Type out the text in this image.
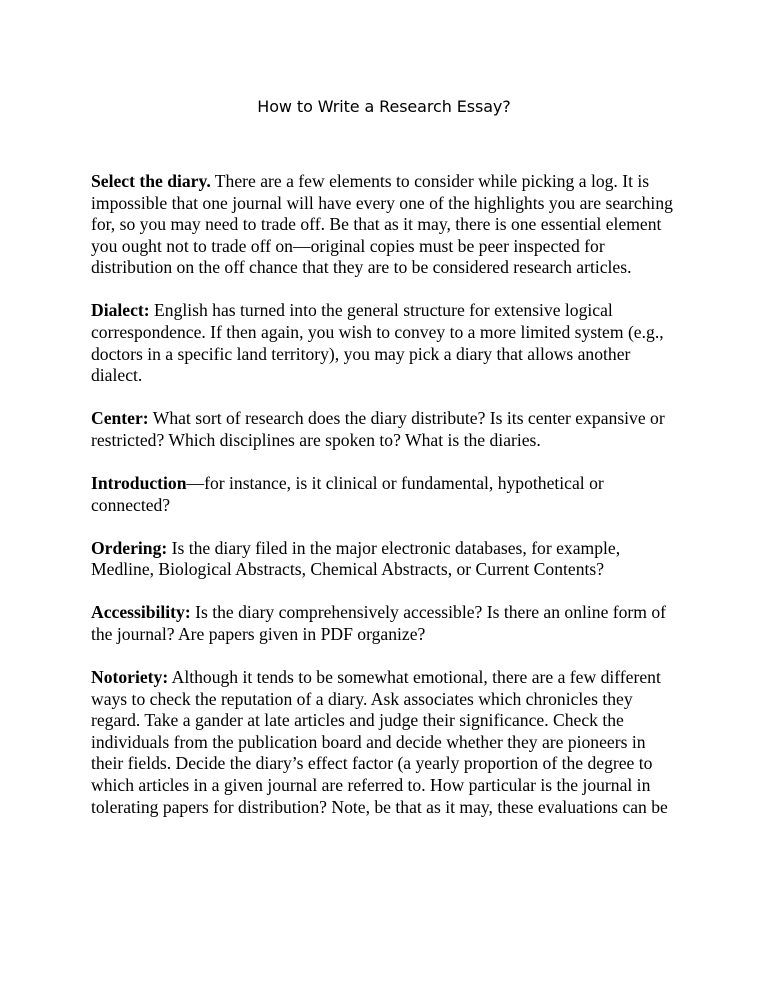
How to Write a Research Essay?

Select the diary. There are a few elements to consider while picking a log. It is impossible that one journal will have every one of the highlights you are searching for, so you may need to trade off. Be that as it may, there is one essential element you ought not to trade off on—original copies must be peer inspected for distribution on the off chance that they are to be considered research articles.

Dialect: English has turned into the general structure for extensive logical correspondence. If then again, you wish to convey to a more limited system (e.g., doctors in a specific land territory), you may pick a diary that allows another dialect.

Center: What sort of research does the diary distribute? Is its center expansive or restricted? Which disciplines are spoken to? What is the diaries.

Introduction—for instance, is it clinical or fundamental, hypothetical or connected?

Ordering: Is the diary filed in the major electronic databases, for example, Medline, Biological Abstracts, Chemical Abstracts, or Current Contents?

Accessibility: Is the diary comprehensively accessible? Is there an online form of the journal? Are papers given in PDF organize?

Notoriety: Although it tends to be somewhat emotional, there are a few different ways to check the reputation of a diary. Ask associates which chronicles they regard. Take a gander at late articles and judge their significance. Check the individuals from the publication board and decide whether they are pioneers in their fields. Decide the diary’s effect factor (a yearly proportion of the degree to which articles in a given journal are referred to. How particular is the journal in tolerating papers for distribution? Note, be that as it may, these evaluations can be
